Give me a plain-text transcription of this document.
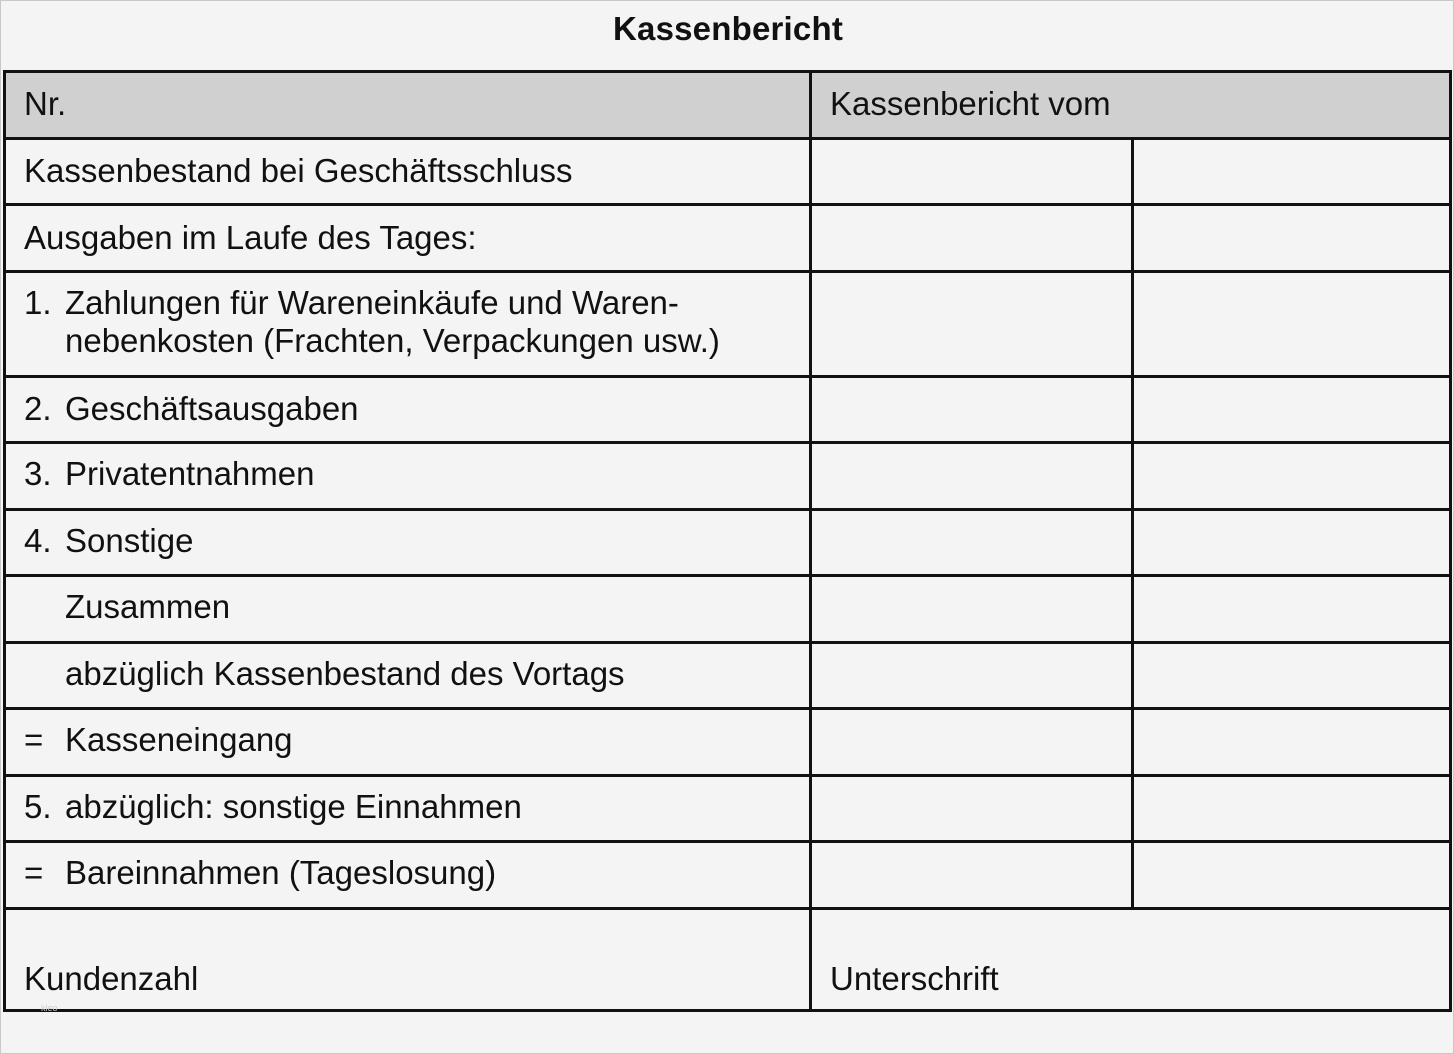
Kassenbericht
Nr.	Kassenbericht vom
Kassenbestand bei Geschäftsschluss
Ausgaben im Laufe des Tages:
1. Zahlungen für Wareneinkäufe und Waren-
nebenkosten (Frachten, Verpackungen usw.)
2. Geschäftsausgaben
3. Privatentnahmen
4. Sonstige
Zusammen
abzüglich Kassenbestand des Vortags
= Kasseneingang
5. abzüglich: sonstige Einnahmen
= Bareinnahmen (Tageslosung)
Kundenzahl	Unterschrift
kleo
